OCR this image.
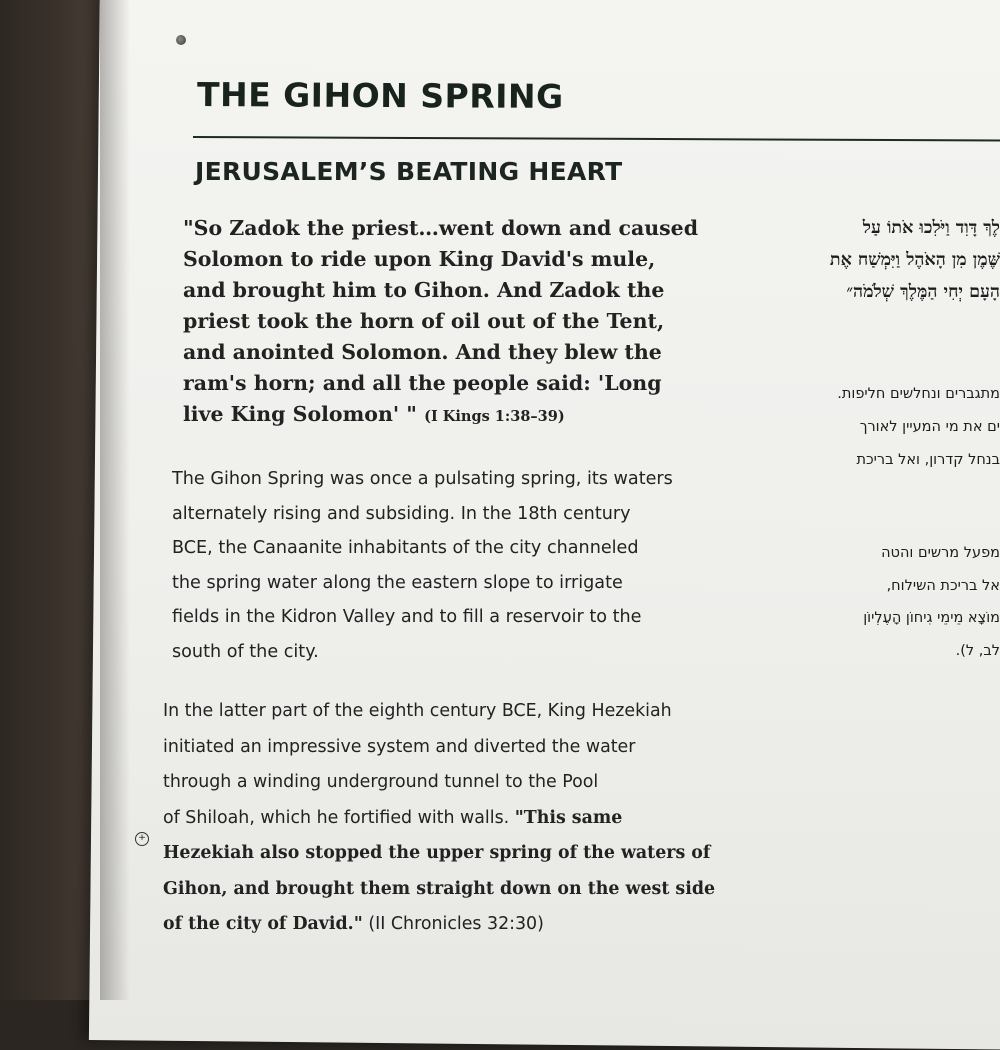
+
THE GIHON SPRING
JERUSALEM’S BEATING HEART
"So Zadok the priest…went down and caused
Solomon to ride upon King David's mule,
and brought him to Gihon. And Zadok the
priest took the horn of oil out of the Tent,
and anointed Solomon. And they blew the
ram's horn; and all the people said: 'Long
live King Solomon' " (I Kings 1:38–39)
The Gihon Spring was once a pulsating spring, its waters
alternately rising and subsiding. In the 18th century
BCE, the Canaanite inhabitants of the city channeled
the spring water along the eastern slope to irrigate
fields in the Kidron Valley and to fill a reservoir to the
south of the city.
In the latter part of the eighth century BCE, King Hezekiah
initiated an impressive system and diverted the water
through a winding underground tunnel to the Pool
of Shiloah, which he fortified with walls. "This same
Hezekiah also stopped the upper spring of the waters of
Gihon, and brought them straight down on the west side
of the city of David." (II Chronicles 32:30)
לֶךְ דָּוִד וַיֹּלִכוּ אֹתוֹ עַל
שֶּׁמֶן מִן הָאֹהֶל וַיִּמְשַׁח אֶת
הָעָם יְחִי הַמֶּלֶךְ שְׁלֹמֹה״
מתגברים ונחלשים חליפות.
ים את מי המעיין לאורך
בנחל קדרון, ואל בריכת
מפעל מרשים והטה
אל בריכת השילוח,
מוֹצָא מֵימֵי גִיחוֹן הָעֶלְיוֹן
לב, ל).
